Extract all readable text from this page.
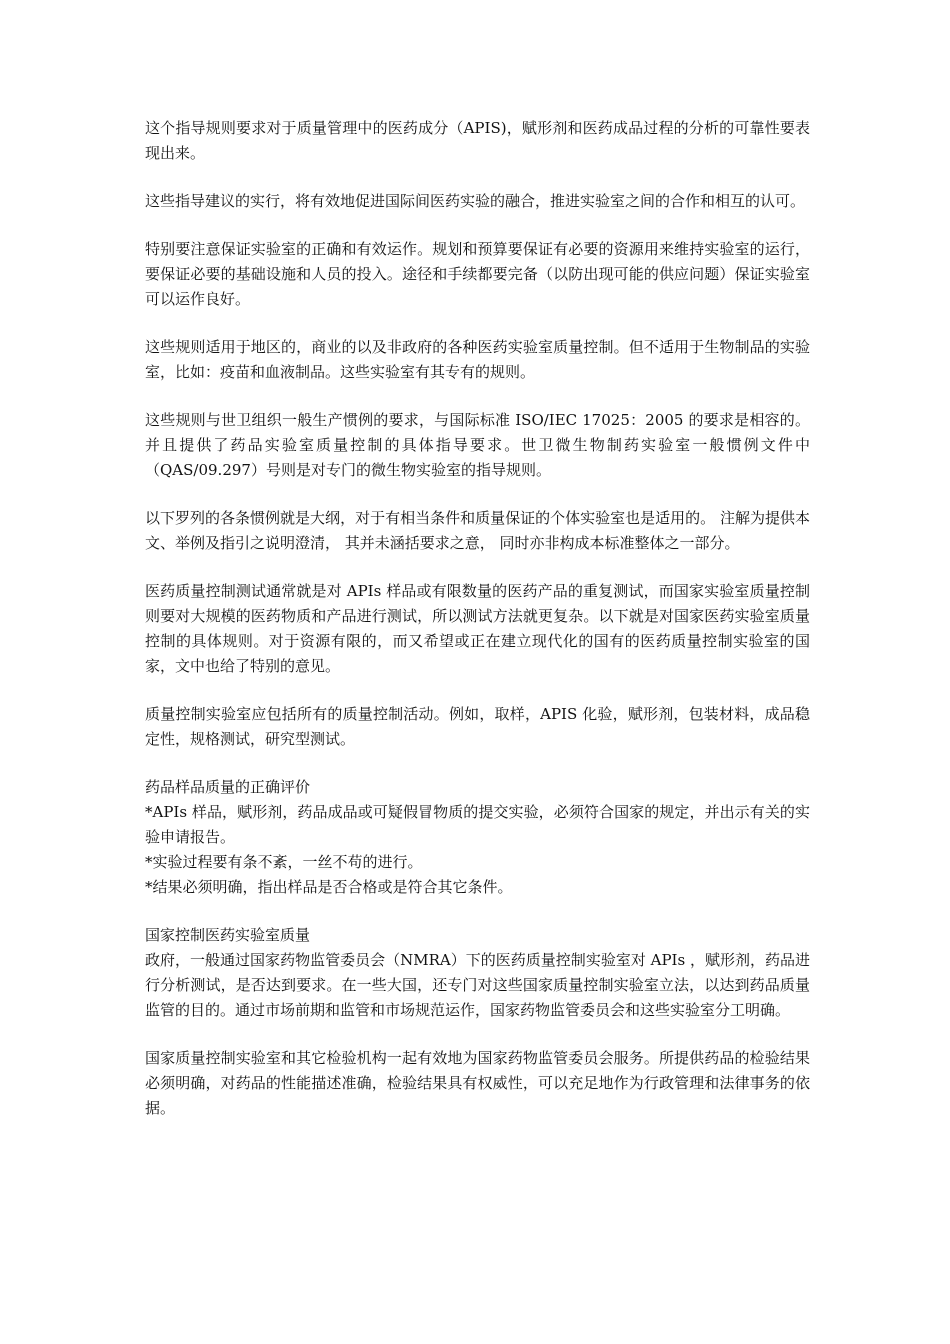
这个指导规则要求对于质量管理中的医药成分（APIS)，赋形剂和医药成品过程的分析的可靠性要表现出来。

这些指导建议的实行，将有效地促进国际间医药实验的融合，推进实验室之间的合作和相互的认可。

特别要注意保证实验室的正确和有效运作。规划和预算要保证有必要的资源用来维持实验室的运行，要保证必要的基础设施和人员的投入。途径和手续都要完备（以防出现可能的供应问题）保证实验室可以运作良好。

这些规则适用于地区的，商业的以及非政府的各种医药实验室质量控制。但不适用于生物制品的实验室，比如：疫苗和血液制品。这些实验室有其专有的规则。

这些规则与世卫组织一般生产惯例的要求，与国际标准 ISO/IEC 17025：2005 的要求是相容的。并且提供了药品实验室质量控制的具体指导要求。世卫微生物制药实验室一般惯例文件中（QAS/09.297）号则是对专门的微生物实验室的指导规则。

以下罗列的各条惯例就是大纲，对于有相当条件和质量保证的个体实验室也是适用的。 注解为提供本文、举例及指引之说明澄清， 其并未涵括要求之意， 同时亦非构成本标准整体之一部分。

医药质量控制测试通常就是对 APIs 样品或有限数量的医药产品的重复测试，而国家实验室质量控制则要对大规模的医药物质和产品进行测试，所以测试方法就更复杂。以下就是对国家医药实验室质量控制的具体规则。对于资源有限的，而又希望或正在建立现代化的国有的医药质量控制实验室的国家，文中也给了特别的意见。

质量控制实验室应包括所有的质量控制活动。例如，取样，APIS 化验，赋形剂，包装材料，成品稳定性，规格测试，研究型测试。

药品样品质量的正确评价

*APIs 样品，赋形剂，药品成品或可疑假冒物质的提交实验，必须符合国家的规定，并出示有关的实验申请报告。

*实验过程要有条不紊，一丝不苟的进行。

*结果必须明确，指出样品是否合格或是符合其它条件。

国家控制医药实验室质量

政府，一般通过国家药物监管委员会（NMRA）下的医药质量控制实验室对 APIs ，赋形剂，药品进行分析测试，是否达到要求。在一些大国，还专门对这些国家质量控制实验室立法，以达到药品质量监管的目的。通过市场前期和监管和市场规范运作，国家药物监管委员会和这些实验室分工明确。

国家质量控制实验室和其它检验机构一起有效地为国家药物监管委员会服务。所提供药品的检验结果必须明确，对药品的性能描述准确，检验结果具有权威性，可以充足地作为行政管理和法律事务的依据。
